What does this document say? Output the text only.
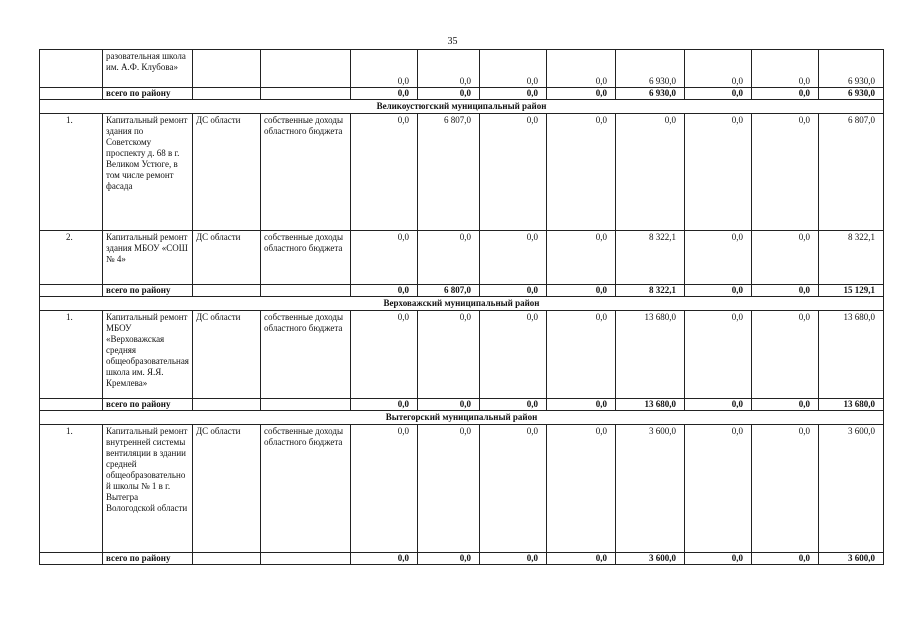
35
	разовательная школа им. А.Ф. Клубова»			0,0	0,0	0,0	0,0	6 930,0	0,0	0,0	6 930,0
	всего по району			0,0	0,0	0,0	0,0	6 930,0	0,0	0,0	6 930,0
Великоустюгский муниципальный район											
1.	Капитальный ремонт здания по Советскому проспекту д. 68 в г. Великом Устюге, в том числе ремонт фасада	ДС области	собственные доходы областного бюджета	0,0	6 807,0	0,0	0,0	0,0	0,0	0,0	6 807,0
2.	Капитальный ремонт здания МБОУ «СОШ № 4»	ДС области	собственные доходы областного бюджета	0,0	0,0	0,0	0,0	8 322,1	0,0	0,0	8 322,1
	всего по району			0,0	6 807,0	0,0	0,0	8 322,1	0,0	0,0	15 129,1
Верховажский муниципальный район											
1.	Капитальный ремонт МБОУ «Верховажская средняя общеобразовательная школа им. Я.Я. Кремлева»	ДС области	собственные доходы областного бюджета	0,0	0,0	0,0	0,0	13 680,0	0,0	0,0	13 680,0
	всего по району			0,0	0,0	0,0	0,0	13 680,0	0,0	0,0	13 680,0
Вытегорский муниципальный район											
1.	Капитальный ремонт внутренней системы вентиляции в здании средней общеобразовательной школы № 1 в г. Вытегра Вологодской области	ДС области	собственные доходы областного бюджета	0,0	0,0	0,0	0,0	3 600,0	0,0	0,0	3 600,0
	всего по району			0,0	0,0	0,0	0,0	3 600,0	0,0	0,0	3 600,0
